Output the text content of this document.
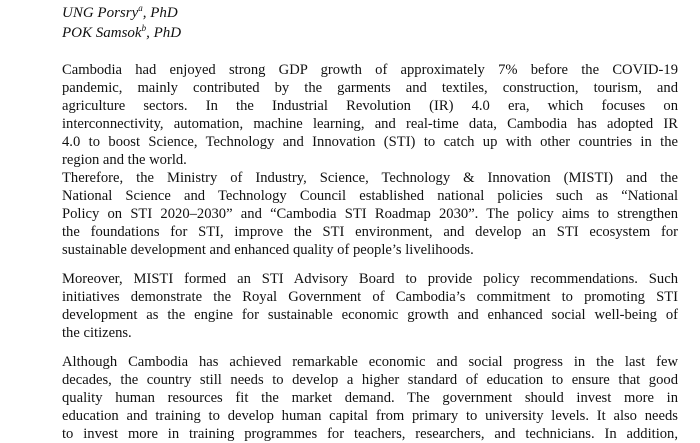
UNG Porsry$^a$, PhD
POK Samsok$^b$, PhD
Cambodia had enjoyed strong GDP growth of approximately 7% before the COVID-19
pandemic, mainly contributed by the garments and textiles, construction, tourism, and
agriculture sectors. In the Industrial Revolution (IR) 4.0 era, which focuses on
interconnectivity, automation, machine learning, and real-time data, Cambodia has adopted IR
4.0 to boost Science, Technology and Innovation (STI) to catch up with other countries in the
region and the world.
Therefore, the Ministry of Industry, Science, Technology & Innovation (MISTI) and the
National Science and Technology Council established national policies such as “National
Policy on STI 2020–2030” and “Cambodia STI Roadmap 2030”. The policy aims to strengthen
the foundations for STI, improve the STI environment, and develop an STI ecosystem for
sustainable development and enhanced quality of people’s livelihoods.
Moreover, MISTI formed an STI Advisory Board to provide policy recommendations. Such
initiatives demonstrate the Royal Government of Cambodia’s commitment to promoting STI
development as the engine for sustainable economic growth and enhanced social well-being of
the citizens.
Although Cambodia has achieved remarkable economic and social progress in the last few
decades, the country still needs to develop a higher standard of education to ensure that good
quality human resources fit the market demand. The government should invest more in
education and training to develop human capital from primary to university levels. It also needs
to invest more in training programmes for teachers, researchers, and technicians. In addition,
